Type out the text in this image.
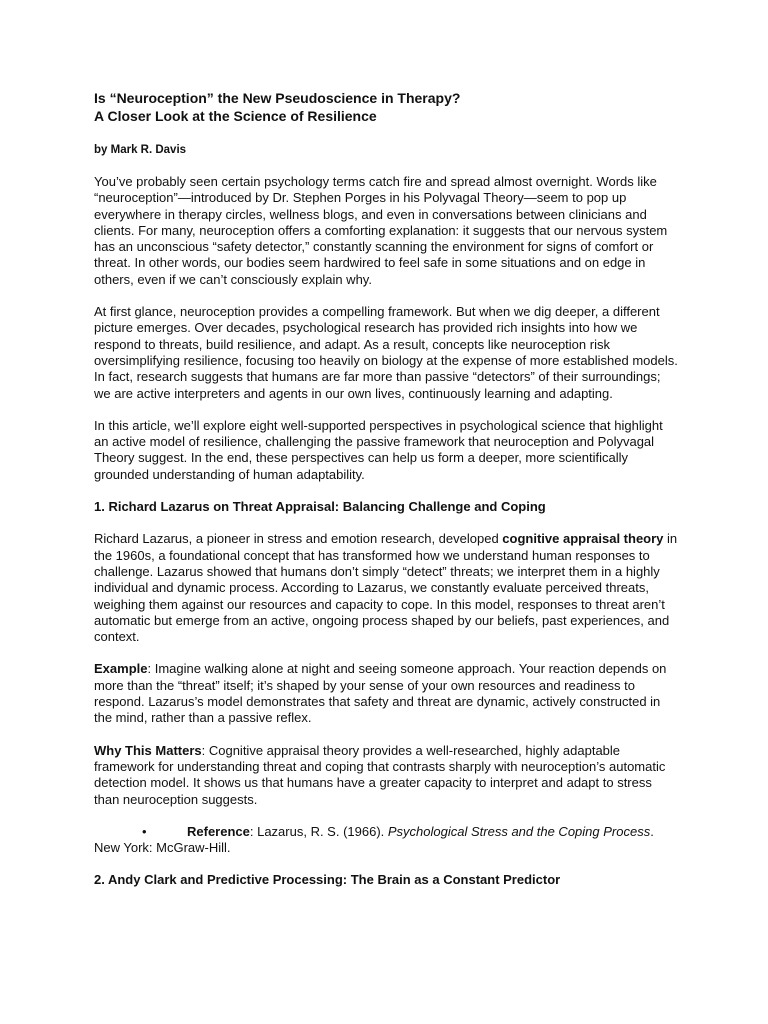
Is “Neuroception” the New Pseudoscience in Therapy?

A Closer Look at the Science of Resilience

by Mark R. Davis

You’ve probably seen certain psychology terms catch fire and spread almost overnight. Words like “neuroception”—introduced by Dr. Stephen Porges in his Polyvagal Theory—seem to pop up everywhere in therapy circles, wellness blogs, and even in conversations between clinicians and clients. For many, neuroception offers a comforting explanation: it suggests that our nervous system has an unconscious “safety detector,” constantly scanning the environment for signs of comfort or threat. In other words, our bodies seem hardwired to feel safe in some situations and on edge in others, even if we can’t consciously explain why.

At first glance, neuroception provides a compelling framework. But when we dig deeper, a different picture emerges. Over decades, psychological research has provided rich insights into how we respond to threats, build resilience, and adapt. As a result, concepts like neuroception risk oversimplifying resilience, focusing too heavily on biology at the expense of more established models. In fact, research suggests that humans are far more than passive “detectors” of their surroundings; we are active interpreters and agents in our own lives, continuously learning and adapting.

In this article, we’ll explore eight well-supported perspectives in psychological science that highlight an active model of resilience, challenging the passive framework that neuroception and Polyvagal Theory suggest. In the end, these perspectives can help us form a deeper, more scientifically grounded understanding of human adaptability.

1. Richard Lazarus on Threat Appraisal: Balancing Challenge and Coping

Richard Lazarus, a pioneer in stress and emotion research, developed cognitive appraisal theory in the 1960s, a foundational concept that has transformed how we understand human responses to challenge. Lazarus showed that humans don’t simply “detect” threats; we interpret them in a highly individual and dynamic process. According to Lazarus, we constantly evaluate perceived threats, weighing them against our resources and capacity to cope. In this model, responses to threat aren’t automatic but emerge from an active, ongoing process shaped by our beliefs, past experiences, and context.

Example: Imagine walking alone at night and seeing someone approach. Your reaction depends on more than the “threat” itself; it’s shaped by your sense of your own resources and readiness to respond. Lazarus’s model demonstrates that safety and threat are dynamic, actively constructed in the mind, rather than a passive reflex.

Why This Matters: Cognitive appraisal theory provides a well-researched, highly adaptable framework for understanding threat and coping that contrasts sharply with neuroception’s automatic detection model. It shows us that humans have a greater capacity to interpret and adapt to stress than neuroception suggests.

•	Reference: Lazarus, R. S. (1966). Psychological Stress and the Coping Process. New York: McGraw-Hill.

2. Andy Clark and Predictive Processing: The Brain as a Constant Predictor
